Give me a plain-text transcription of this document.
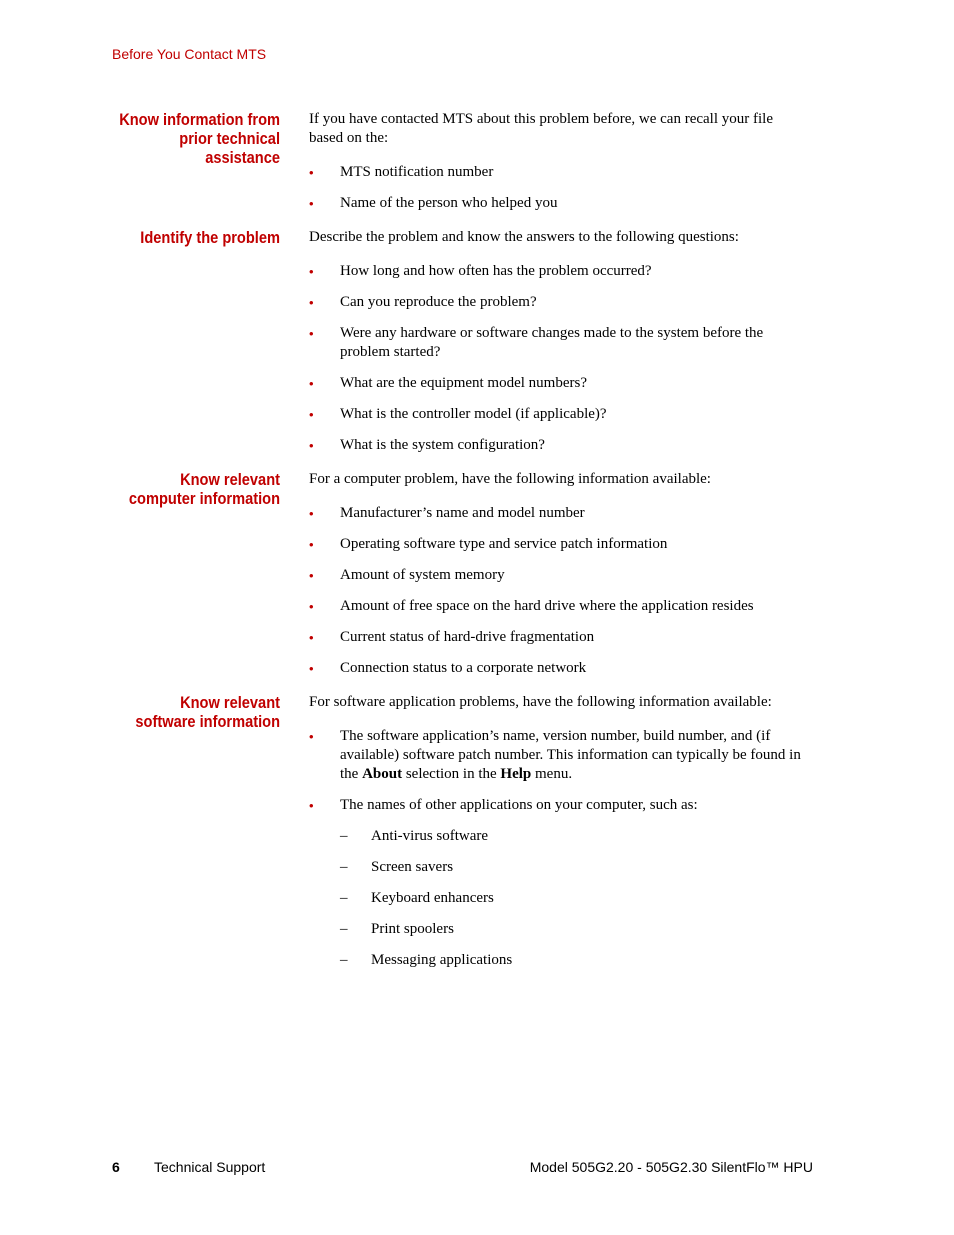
Before You Contact MTS
Know information from
prior technical
assistance

If you have contacted MTS about this problem before, we can recall your file based on the:

• MTS notification number
• Name of the person who helped you
Identify the problem Describe the problem and know the answers to the following questions:

• How long and how often has the problem occurred?
• Can you reproduce the problem?
• Were any hardware or software changes made to the system before the problem started?
• What are the equipment model numbers?
• What is the controller model (if applicable)?
• What is the system configuration?
Know relevant
computer information

For a computer problem, have the following information available:

• Manufacturer’s name and model number
• Operating software type and service patch information
• Amount of system memory
• Amount of free space on the hard drive where the application resides
• Current status of hard-drive fragmentation
• Connection status to a corporate network
Know relevant
software information

For software application problems, have the following information available:

• The software application’s name, version number, build number, and (if available) software patch number. This information can typically be found in the About selection in the Help menu.
• The names of other applications on your computer, such as:
– Anti-virus software
– Screen savers
– Keyboard enhancers
– Print spoolers
– Messaging applications
6 Technical Support	Model 505G2.20 - 505G2.30 SilentFlo™ HPU
